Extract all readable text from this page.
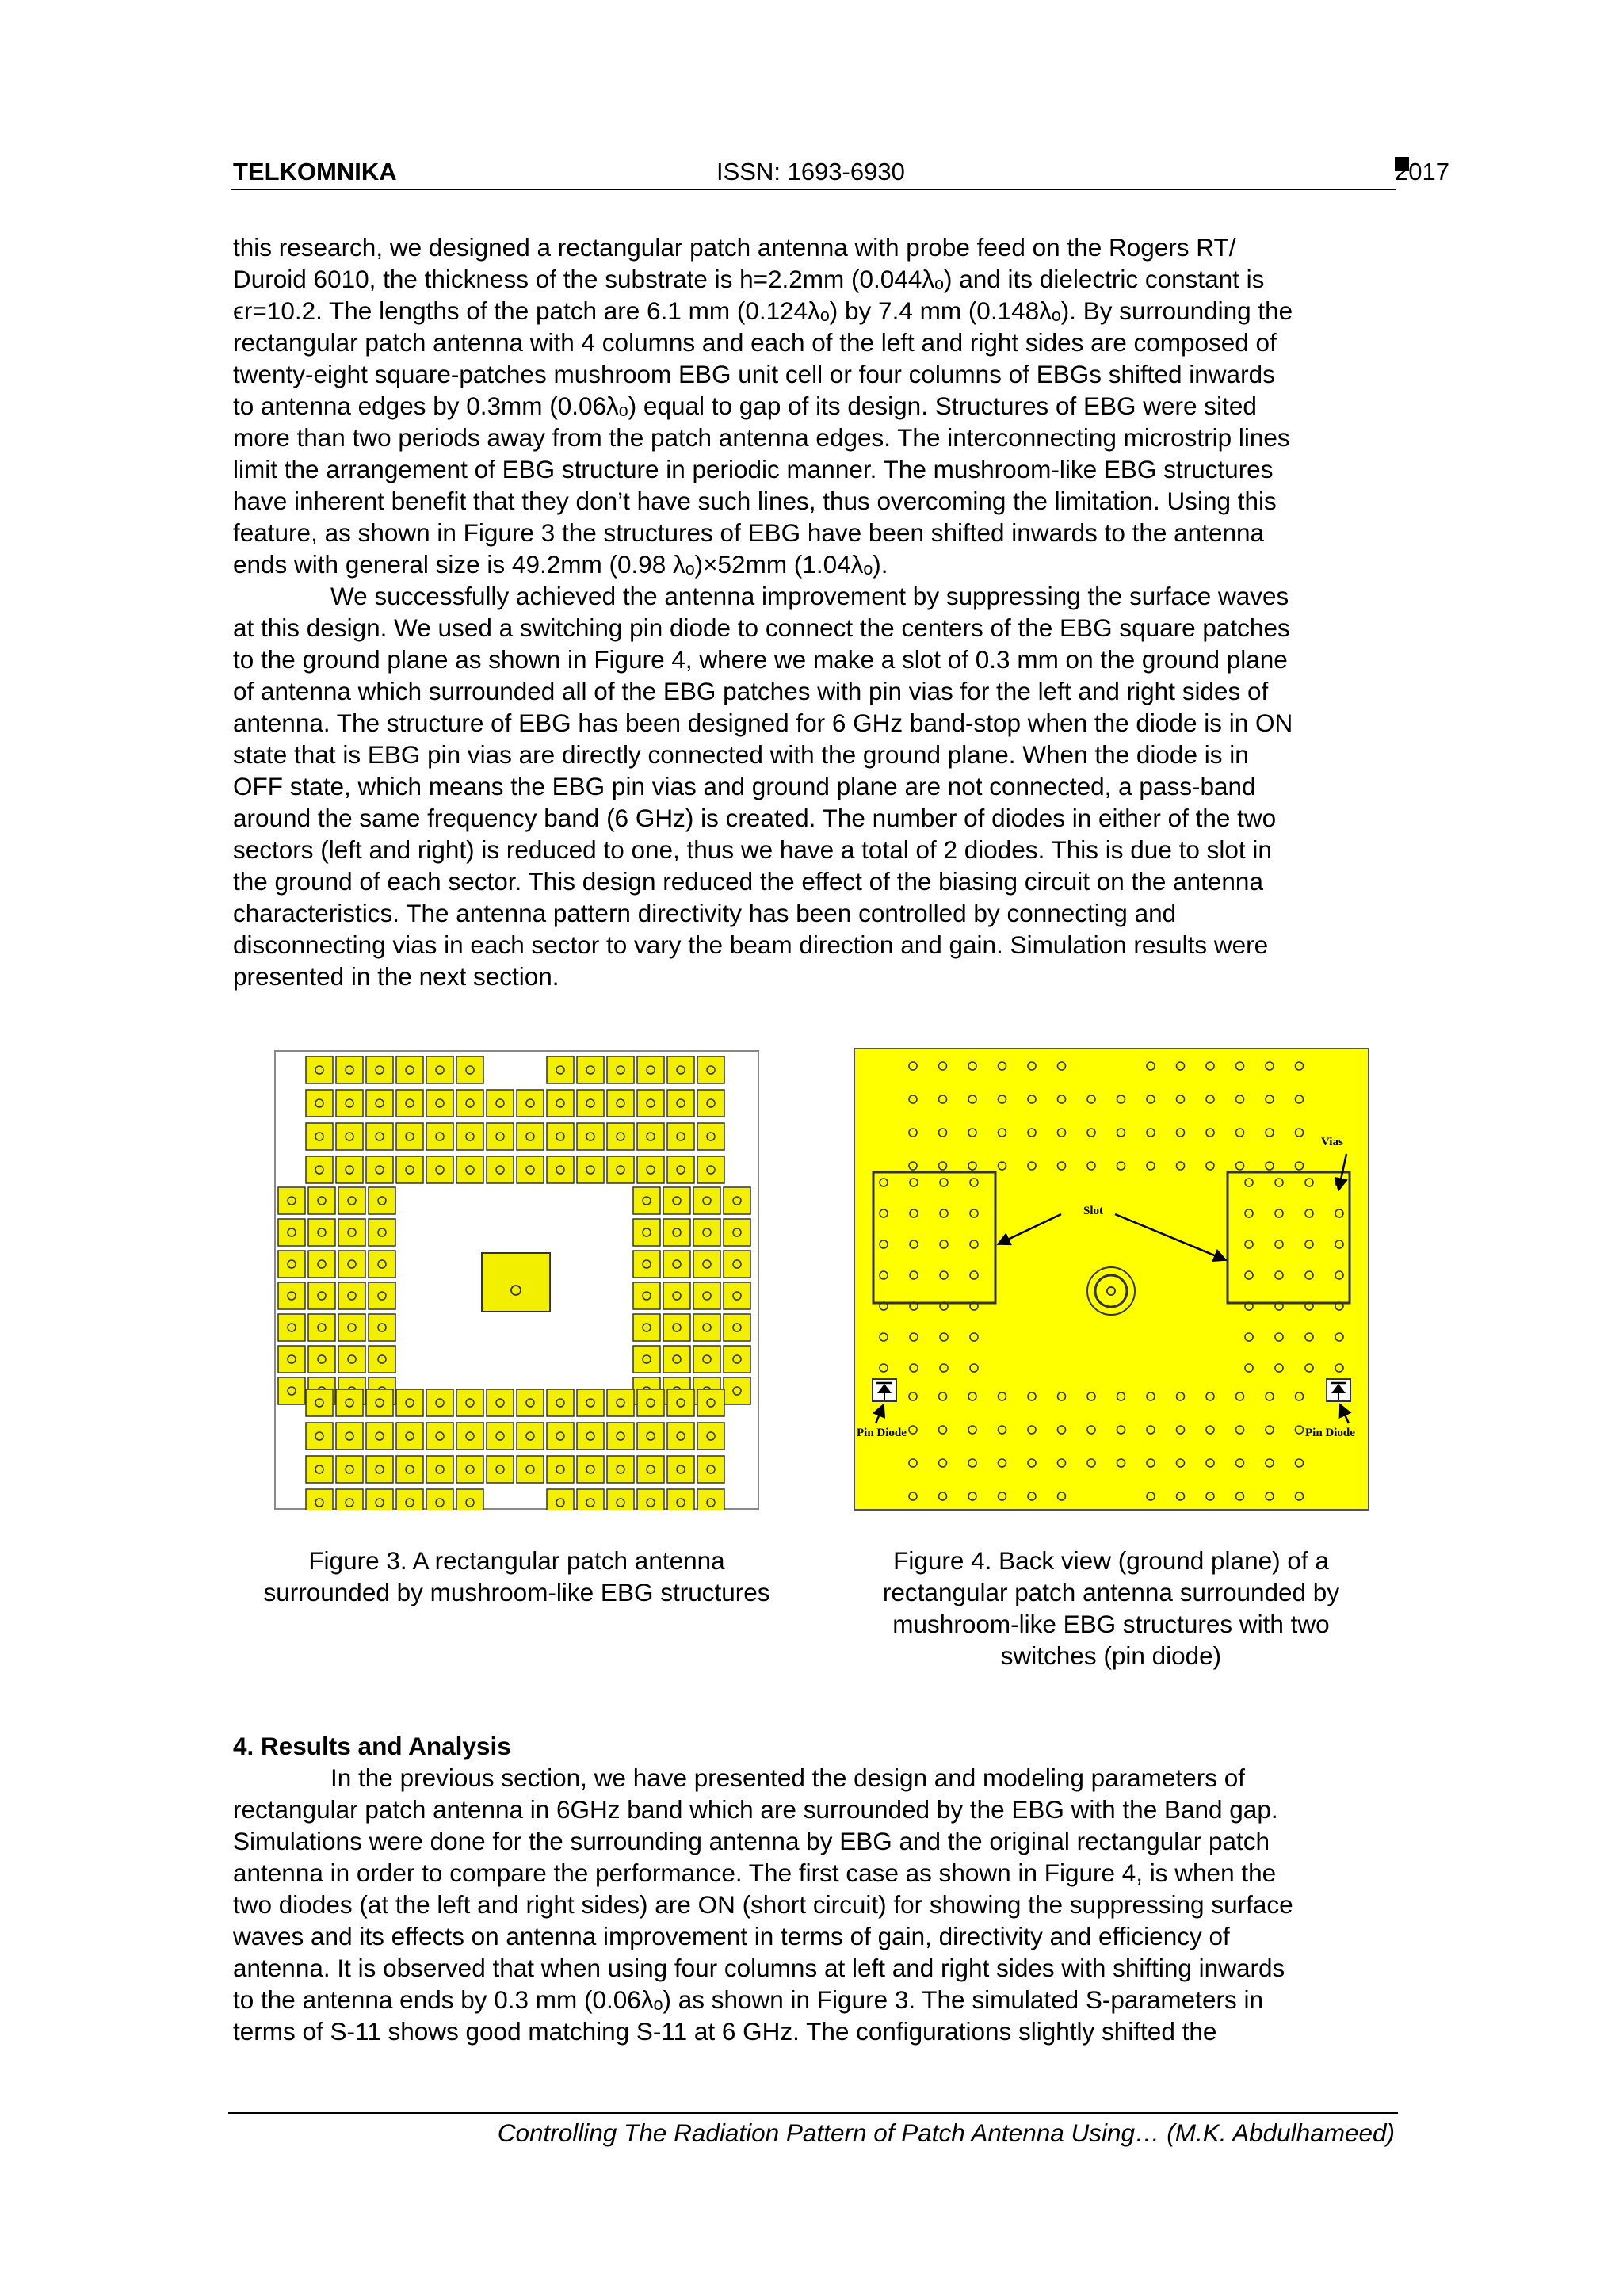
TELKOMNIKA	ISSN: 1693-6930	2017

this research, we designed a rectangular patch antenna with probe feed on the Rogers RT/

Duroid 6010, the thickness of the substrate is h=2.2mm (0.044λₒ) and its dielectric constant is

ϵr=10.2. The lengths of the patch are 6.1 mm (0.124λₒ) by 7.4 mm (0.148λₒ). By surrounding the

rectangular patch antenna with 4 columns and each of the left and right sides are composed of

twenty-eight square-patches mushroom EBG unit cell or four columns of EBGs shifted inwards

to antenna edges by 0.3mm (0.06λₒ) equal to gap of its design. Structures of EBG were sited

more than two periods away from the patch antenna edges. The interconnecting microstrip lines

limit the arrangement of EBG structure in periodic manner. The mushroom-like EBG structures

have inherent benefit that they don’t have such lines, thus overcoming the limitation. Using this

feature, as shown in Figure 3 the structures of EBG have been shifted inwards to the antenna

ends with general size is 49.2mm (0.98 λₒ)×52mm (1.04λₒ).

We successfully achieved the antenna improvement by suppressing the surface waves

at this design. We used a switching pin diode to connect the centers of the EBG square patches

to the ground plane as shown in Figure 4, where we make a slot of 0.3 mm on the ground plane

of antenna which surrounded all of the EBG patches with pin vias for the left and right sides of

antenna. The structure of EBG has been designed for 6 GHz band-stop when the diode is in ON

state that is EBG pin vias are directly connected with the ground plane. When the diode is in

OFF state, which means the EBG pin vias and ground plane are not connected, a pass-band

around the same frequency band (6 GHz) is created. The number of diodes in either of the two

sectors (left and right) is reduced to one, thus we have a total of 2 diodes. This is due to slot in

the ground of each sector. This design reduced the effect of the biasing circuit on the antenna

characteristics. The antenna pattern directivity has been controlled by connecting and

disconnecting vias in each sector to vary the beam direction and gain. Simulation results were

presented in the next section.

Vias
Slot
Pin Diode	Pin Diode
Figure 3. A rectangular patch antenna
surrounded by mushroom-like EBG structures
Figure 4. Back view (ground plane) of a
rectangular patch antenna surrounded by
mushroom-like EBG structures with two
switches (pin diode)
4. Results and Analysis

In the previous section, we have presented the design and modeling parameters of

rectangular patch antenna in 6GHz band which are surrounded by the EBG with the Band gap.

Simulations were done for the surrounding antenna by EBG and the original rectangular patch

antenna in order to compare the performance. The first case as shown in Figure 4, is when the

two diodes (at the left and right sides) are ON (short circuit) for showing the suppressing surface

waves and its effects on antenna improvement in terms of gain, directivity and efficiency of

antenna. It is observed that when using four columns at left and right sides with shifting inwards

to the antenna ends by 0.3 mm (0.06λₒ) as shown in Figure 3. The simulated S-parameters in

terms of S-11 shows good matching S-11 at 6 GHz. The configurations slightly shifted the

Controlling The Radiation Pattern of Patch Antenna Using… (M.K. Abdulhameed)
